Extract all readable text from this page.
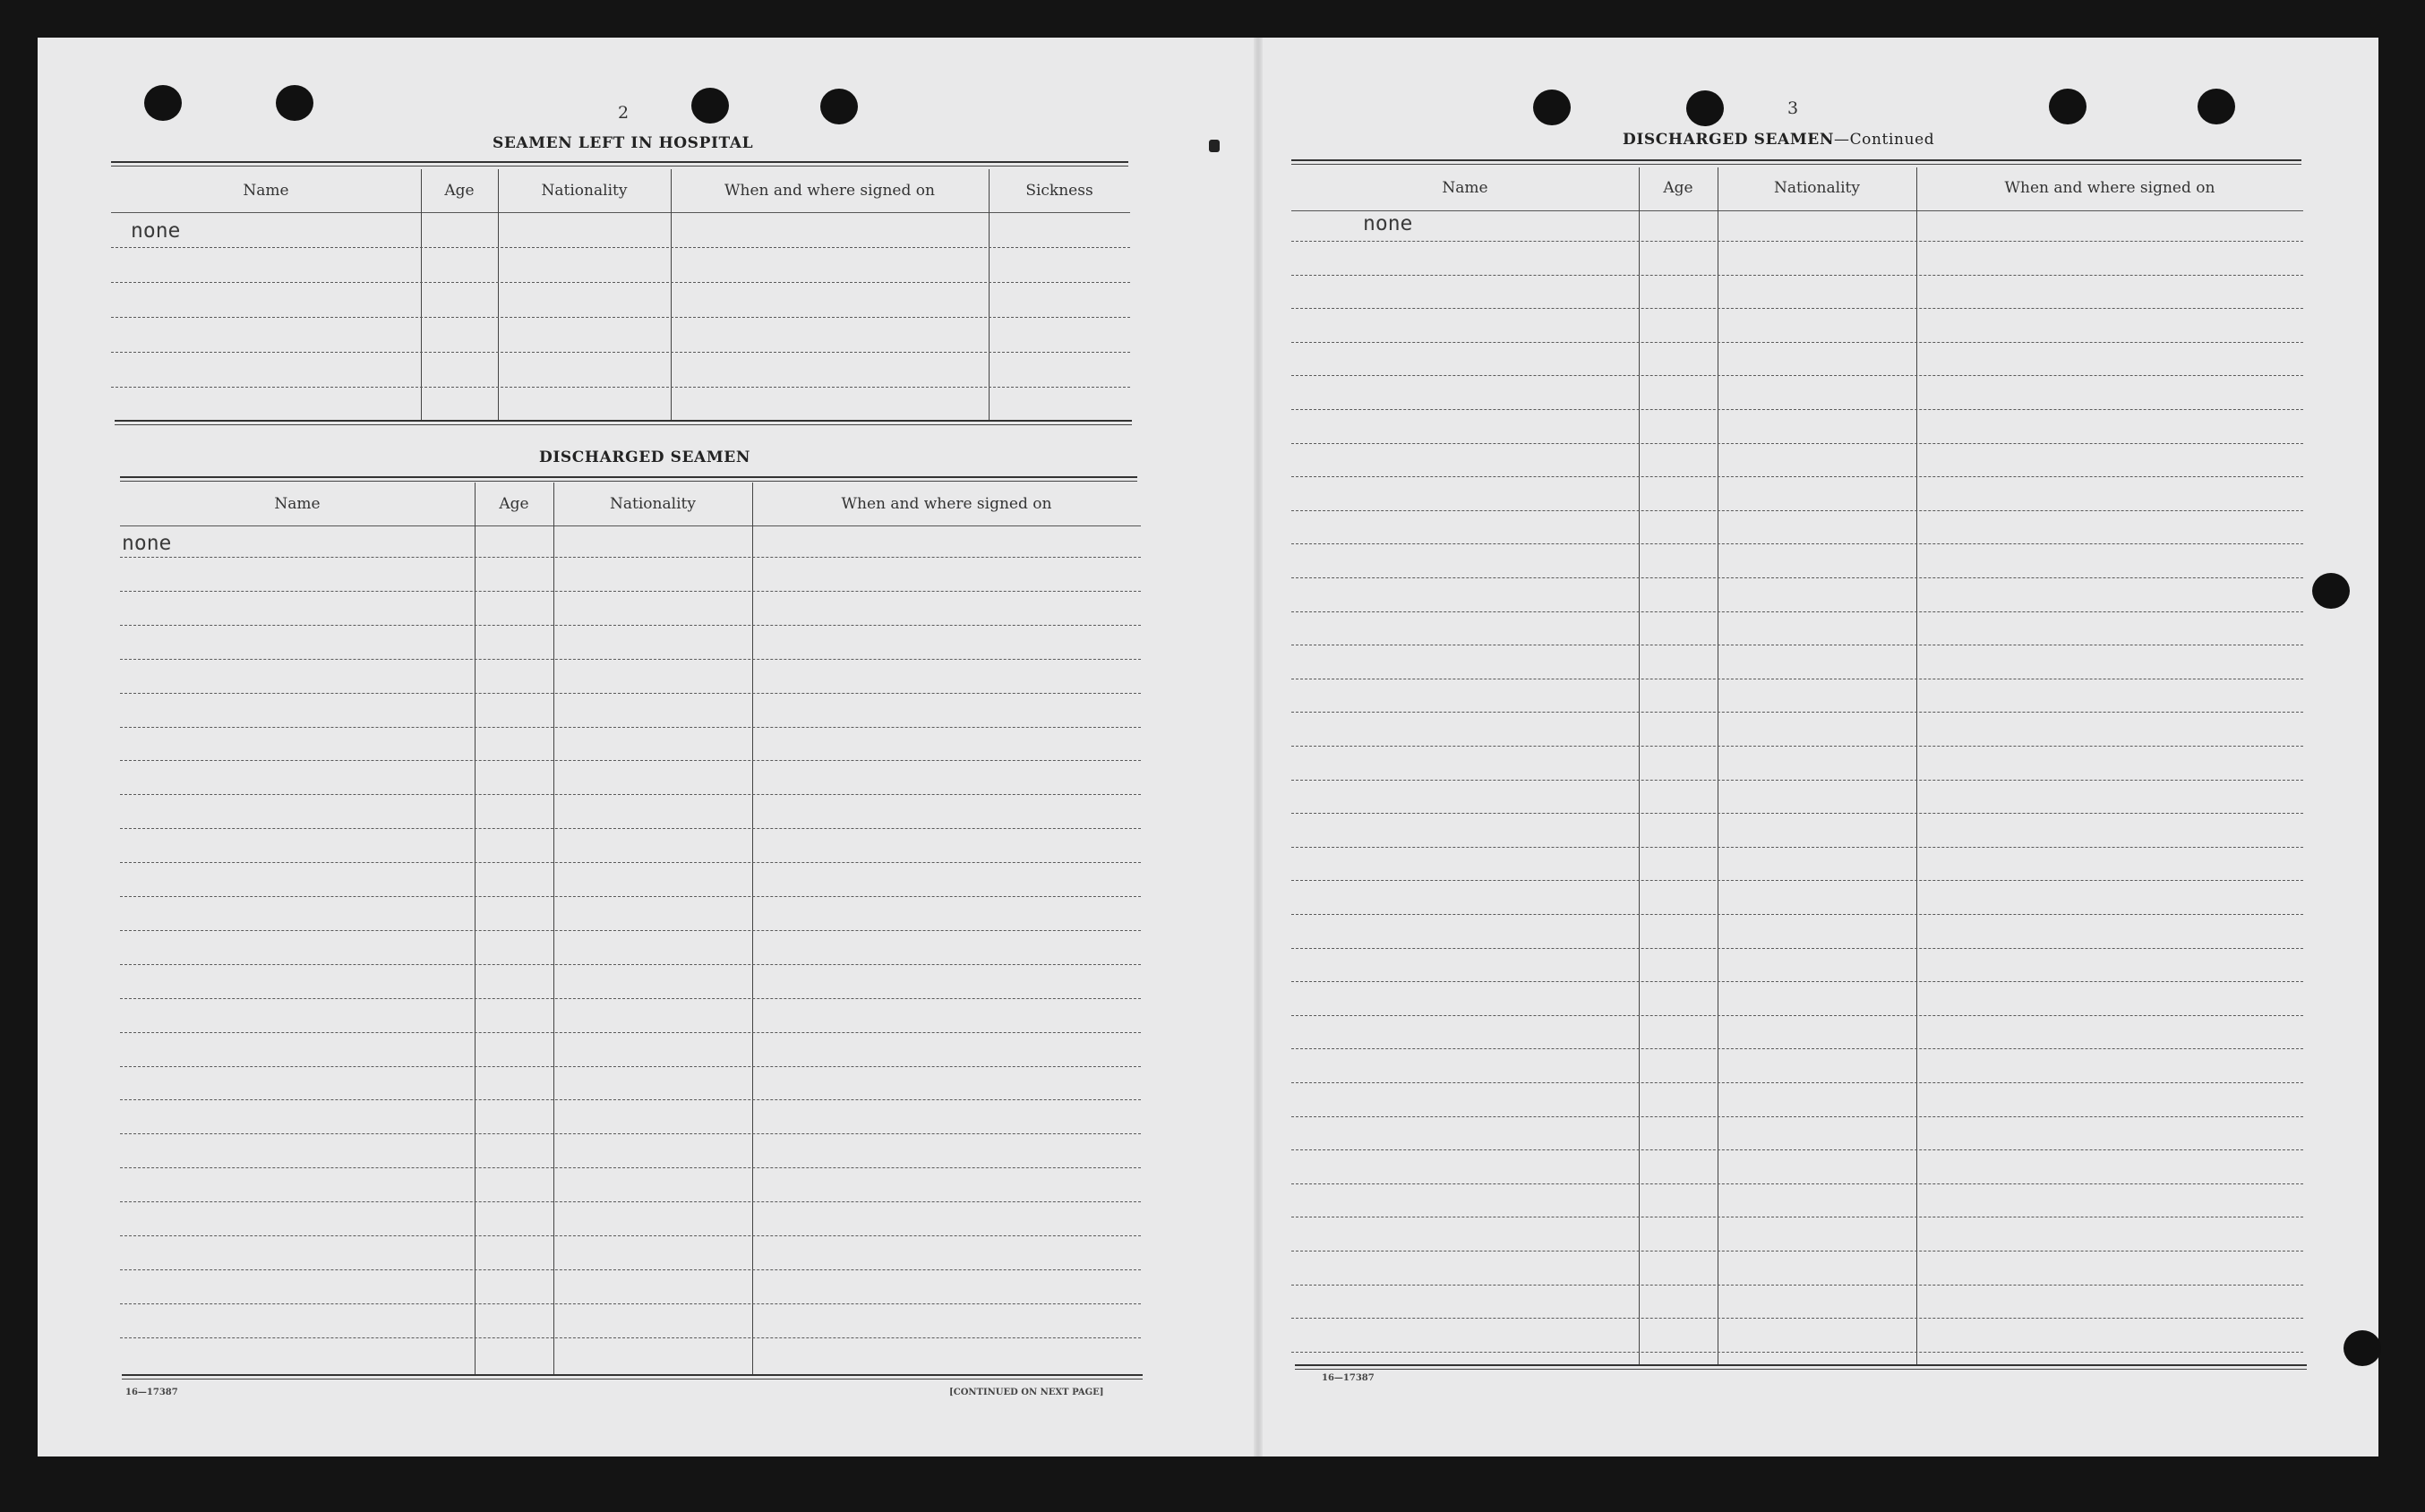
2
SEAMEN LEFT IN HOSPITAL
Name	Age	Nationality	When and where signed on	Sickness
none
DISCHARGED SEAMEN
Name	Age	Nationality	When and where signed on
none
16—17387	[CONTINUED ON NEXT PAGE]
3
DISCHARGED SEAMEN—Continued
Name	Age	Nationality	When and where signed on
none
16—17387
